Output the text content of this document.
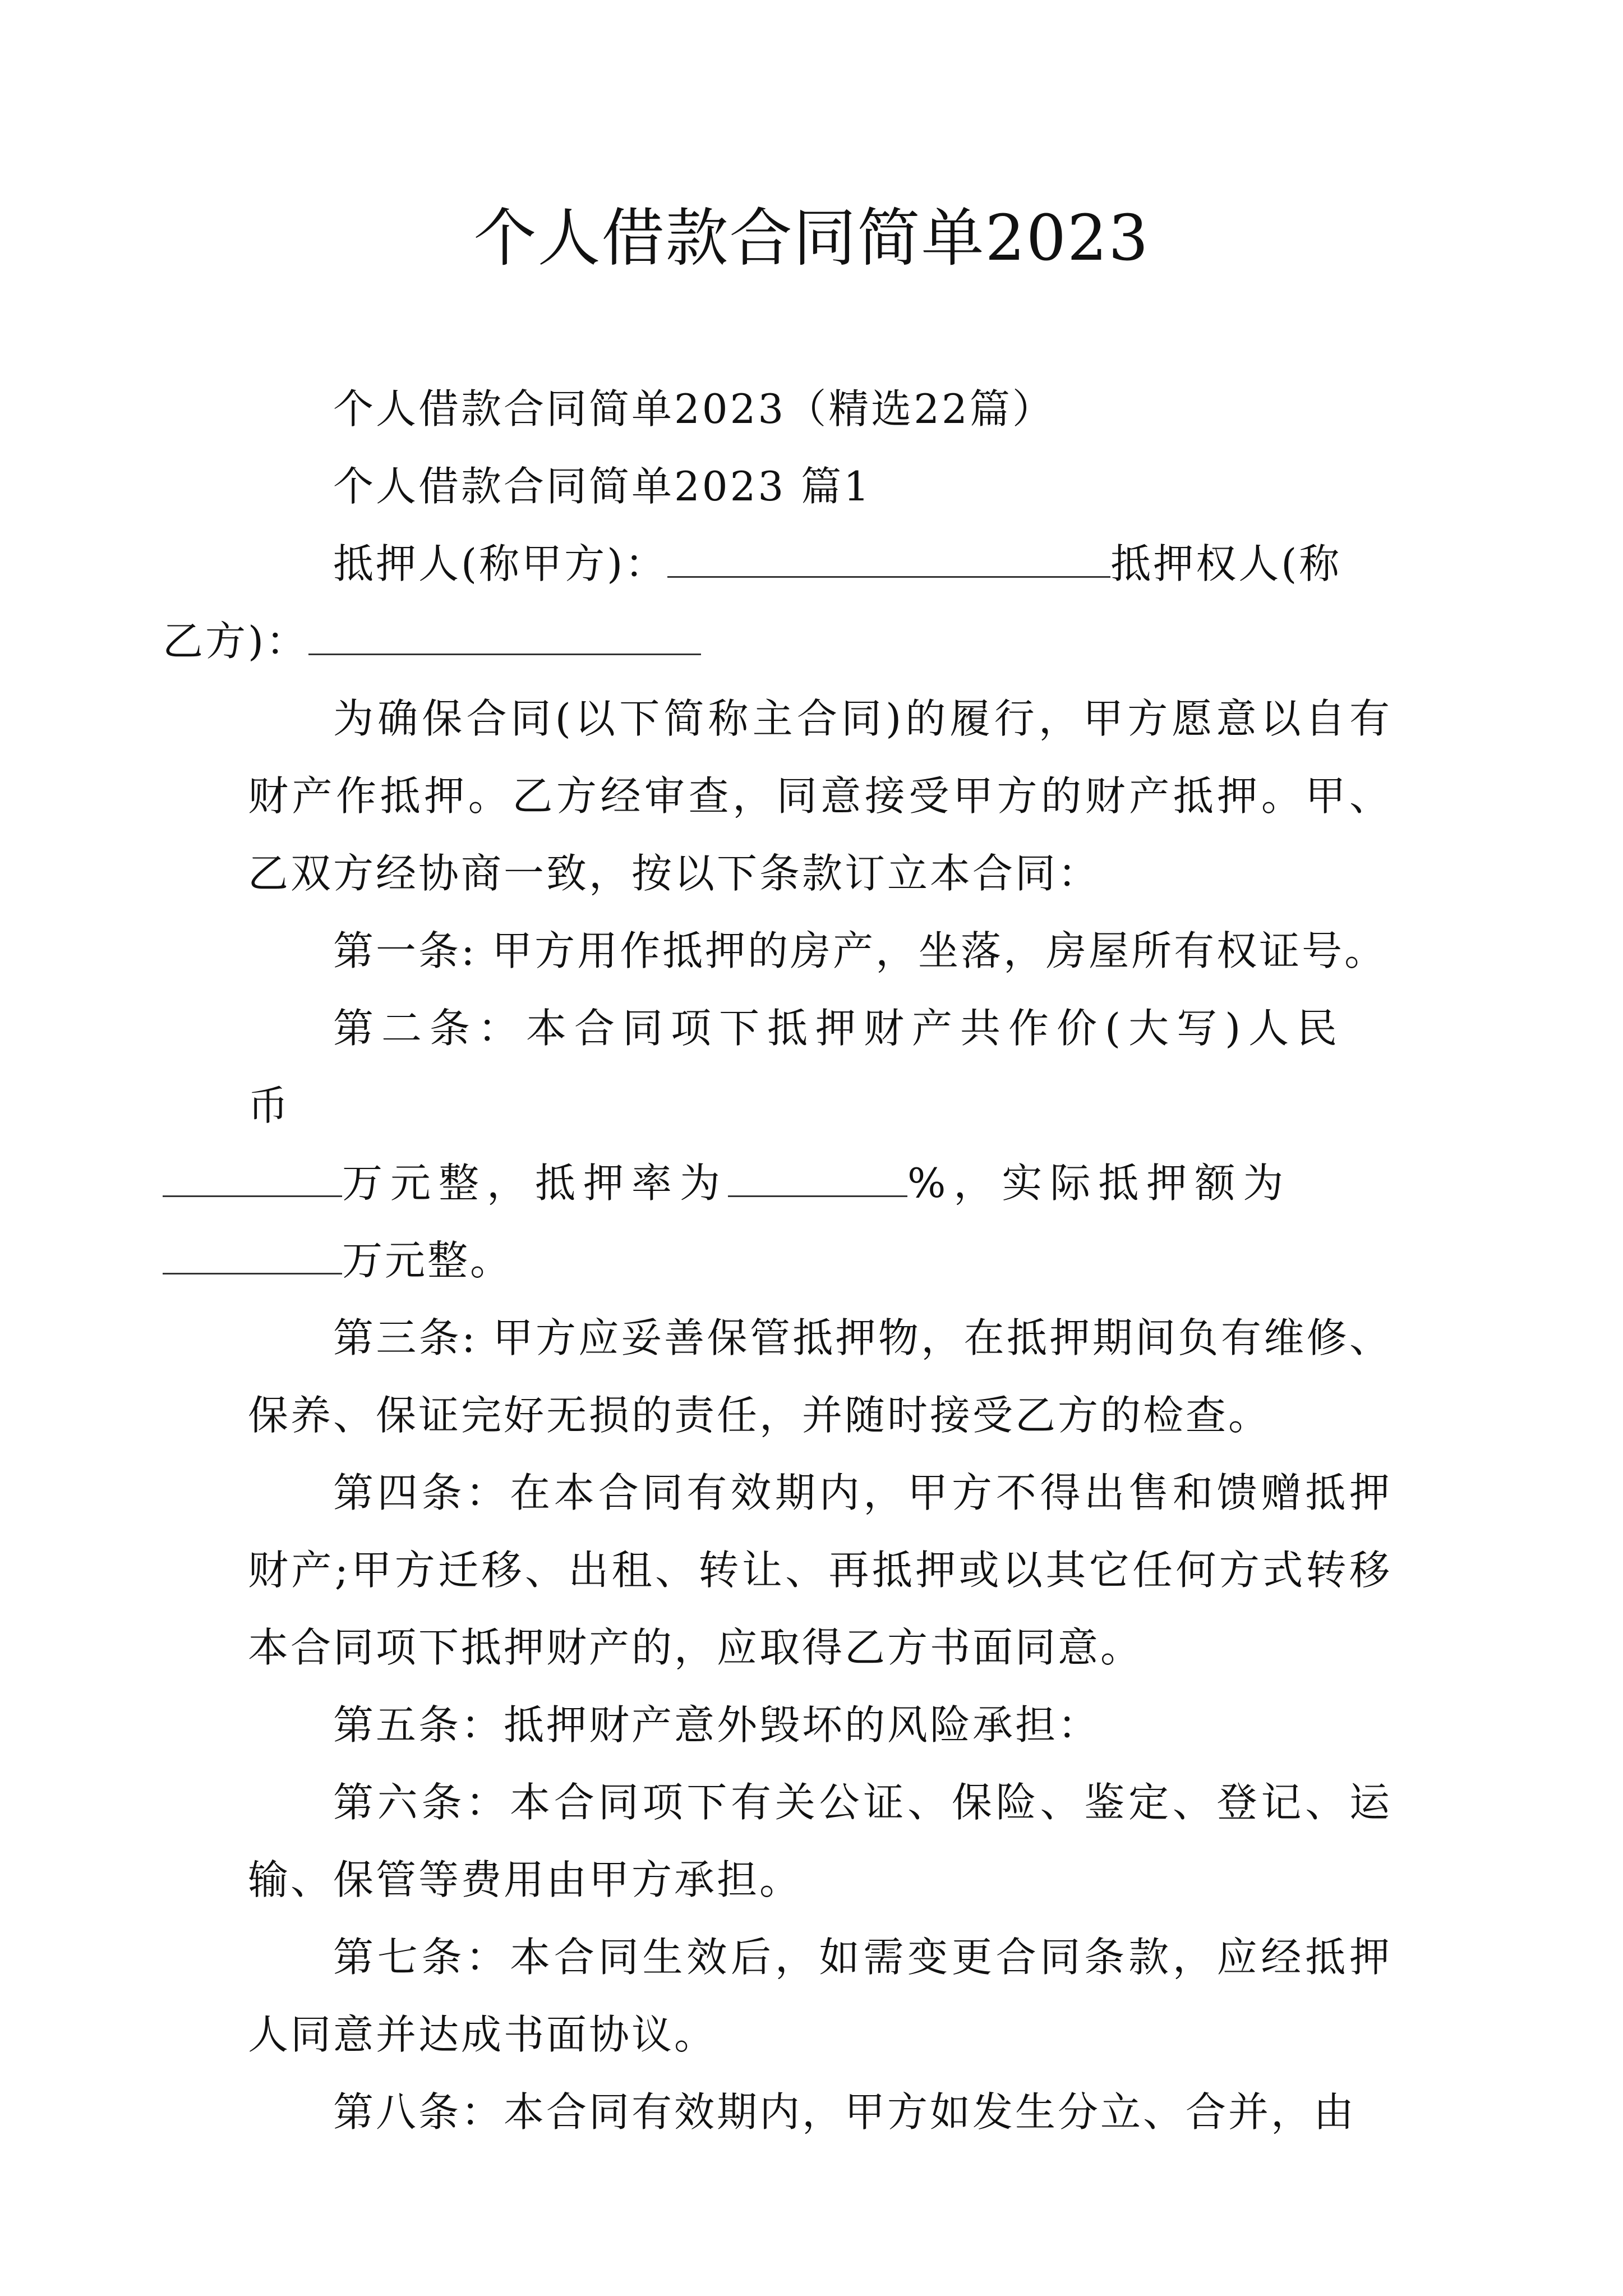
个人借款合同简单2023

个人借款合同简单2023（精选22篇）

个人借款合同简单2023 篇1

抵押人(称甲方)：	抵押权人(称
乙方)：

为确保合同(以下简称主合同)的履行，甲方愿意以自有财产作抵押。乙方经审查，同意接受甲方的财产抵押。甲、乙双方经协商一致，按以下条款订立本合同：

第一条: 甲方用作抵押的房产，坐落，房屋所有权证号。

第二条：本合同项下抵押财产共作价(大写)人民币
万元整，抵押率为	%，实际抵押额为
万元整。

第三条: 甲方应妥善保管抵押物，在抵押期间负有维修、保养、保证完好无损的责任，并随时接受乙方的检查。

第四条：在本合同有效期内，甲方不得出售和馈赠抵押财产;甲方迁移、出租、转让、再抵押或以其它任何方式转移本合同项下抵押财产的，应取得乙方书面同意。

第五条：抵押财产意外毁坏的风险承担：

第六条：本合同项下有关公证、保险、鉴定、登记、运输、保管等费用由甲方承担。

第七条：本合同生效后，如需变更合同条款，应经抵押人同意并达成书面协议。

第八条：本合同有效期内，甲方如发生分立、合并，由
